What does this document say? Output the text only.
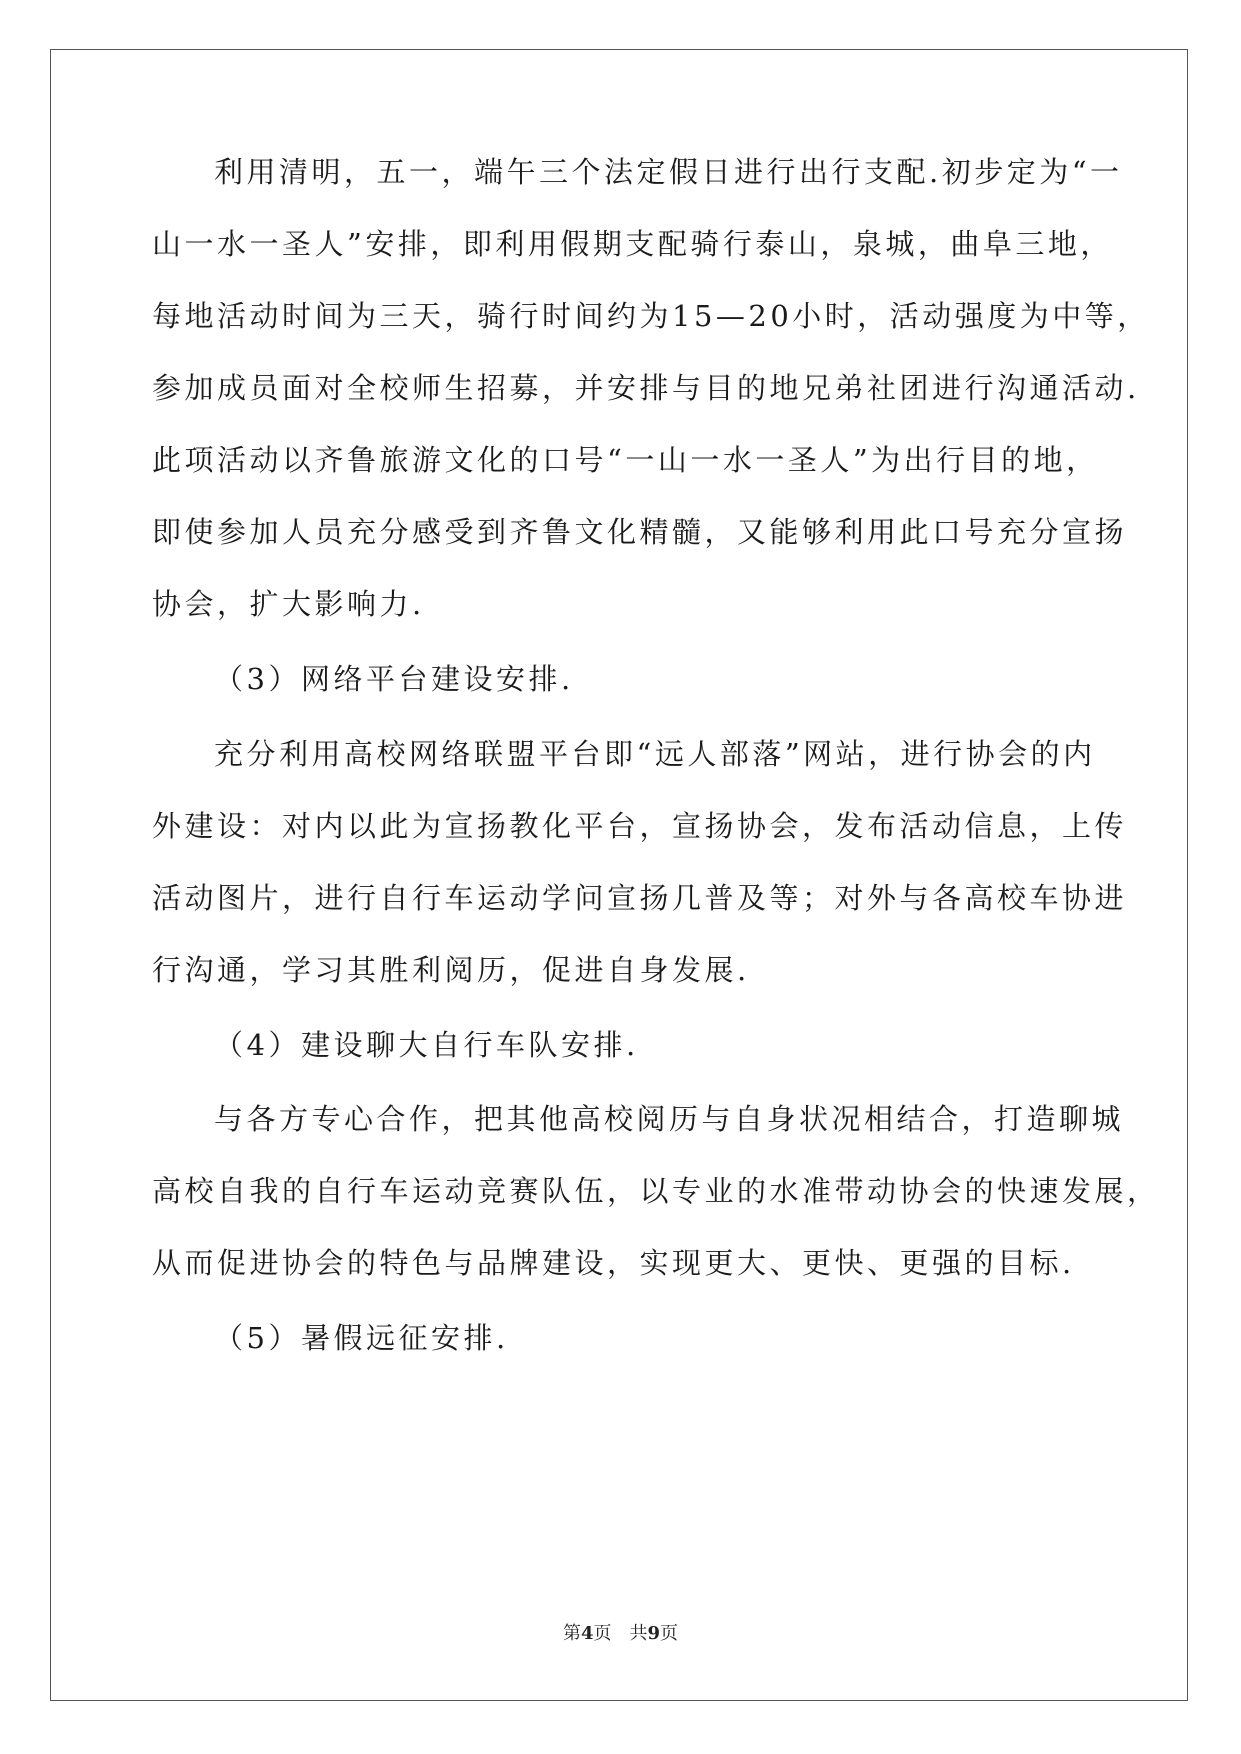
利用清明，五一，端午三个法定假日进行出行支配.初步定为“一
山一水一圣人”安排，即利用假期支配骑行泰山，泉城，曲阜三地，
每地活动时间为三天，骑行时间约为15—20小时，活动强度为中等，
参加成员面对全校师生招募，并安排与目的地兄弟社团进行沟通活动.
此项活动以齐鲁旅游文化的口号“一山一水一圣人”为出行目的地，
即使参加人员充分感受到齐鲁文化精髓，又能够利用此口号充分宣扬
协会，扩大影响力.
（3）网络平台建设安排.
充分利用高校网络联盟平台即“远人部落”网站，进行协会的内
外建设：对内以此为宣扬教化平台，宣扬协会，发布活动信息，上传
活动图片，进行自行车运动学问宣扬几普及等；对外与各高校车协进
行沟通，学习其胜利阅历，促进自身发展.
（4）建设聊大自行车队安排.
与各方专心合作，把其他高校阅历与自身状况相结合，打造聊城
高校自我的自行车运动竞赛队伍，以专业的水准带动协会的快速发展，
从而促进协会的特色与品牌建设，实现更大、更快、更强的目标.
（5）暑假远征安排.
第4页 共9页
